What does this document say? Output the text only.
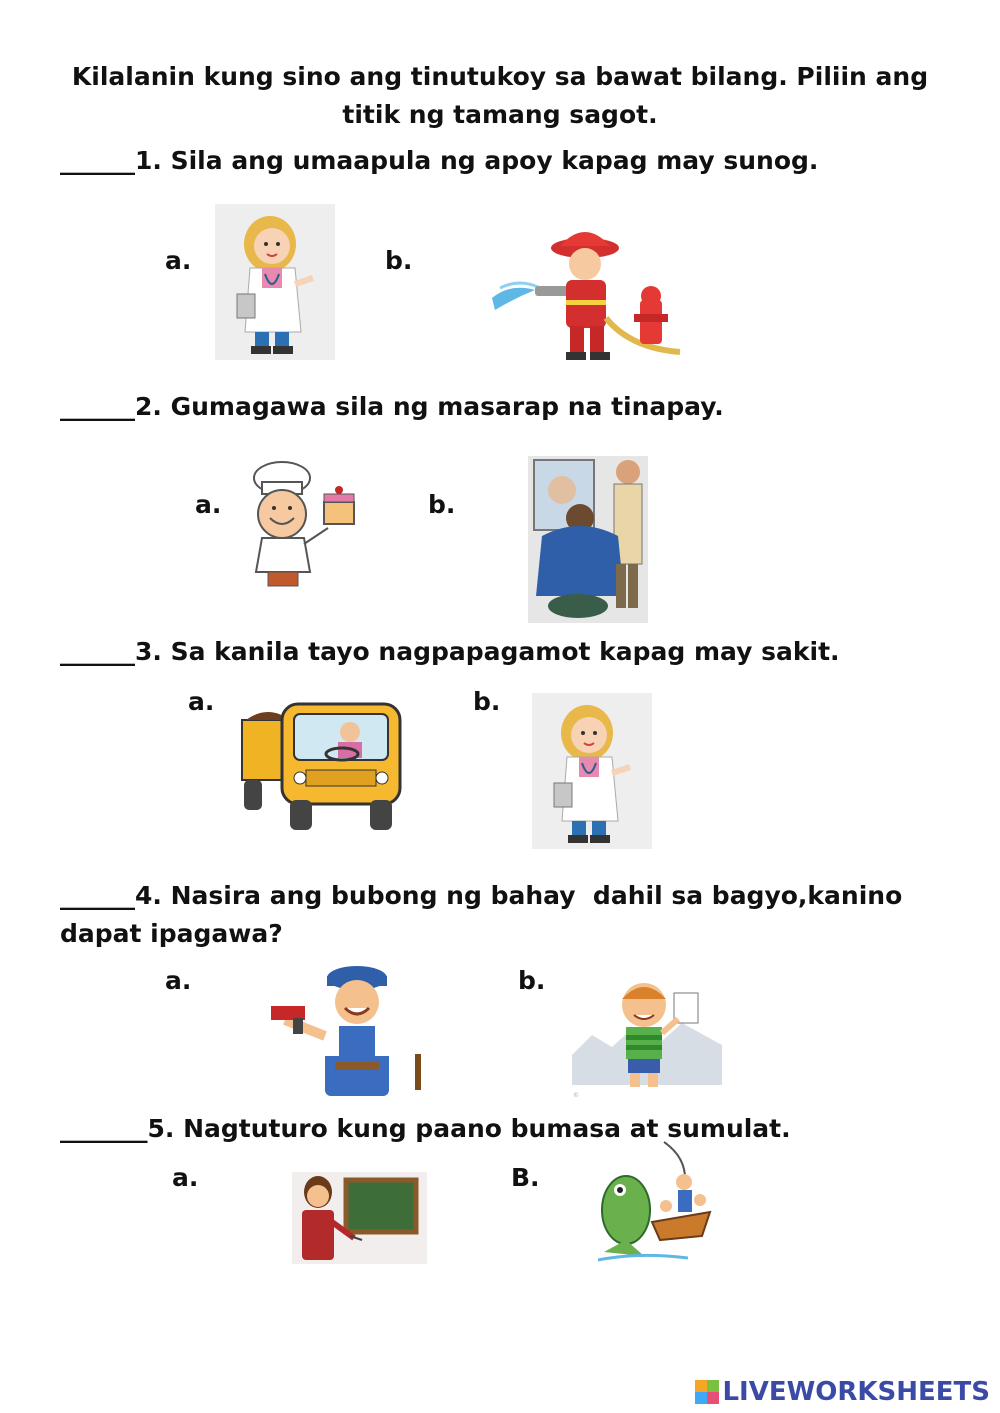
Kilalanin kung sino ang tinutukoy sa bawat bilang. Piliin ang titik ng tamang sagot.
______1. Sila ang umaapula ng apoy kapag may sunog.
a.	b.
______2. Gumagawa sila ng masarap na tinapay.
a.	b.
______3. Sa kanila tayo nagpapagamot kapag may sakit.
a.	b.
______4. Nasira ang bubong ng bahay  dahil sa bagyo,kanino
dapat ipagawa?
a.	b.
©
_______5. Nagtuturo kung paano bumasa at sumulat.
a.	B.
LIVEWORKSHEETS
